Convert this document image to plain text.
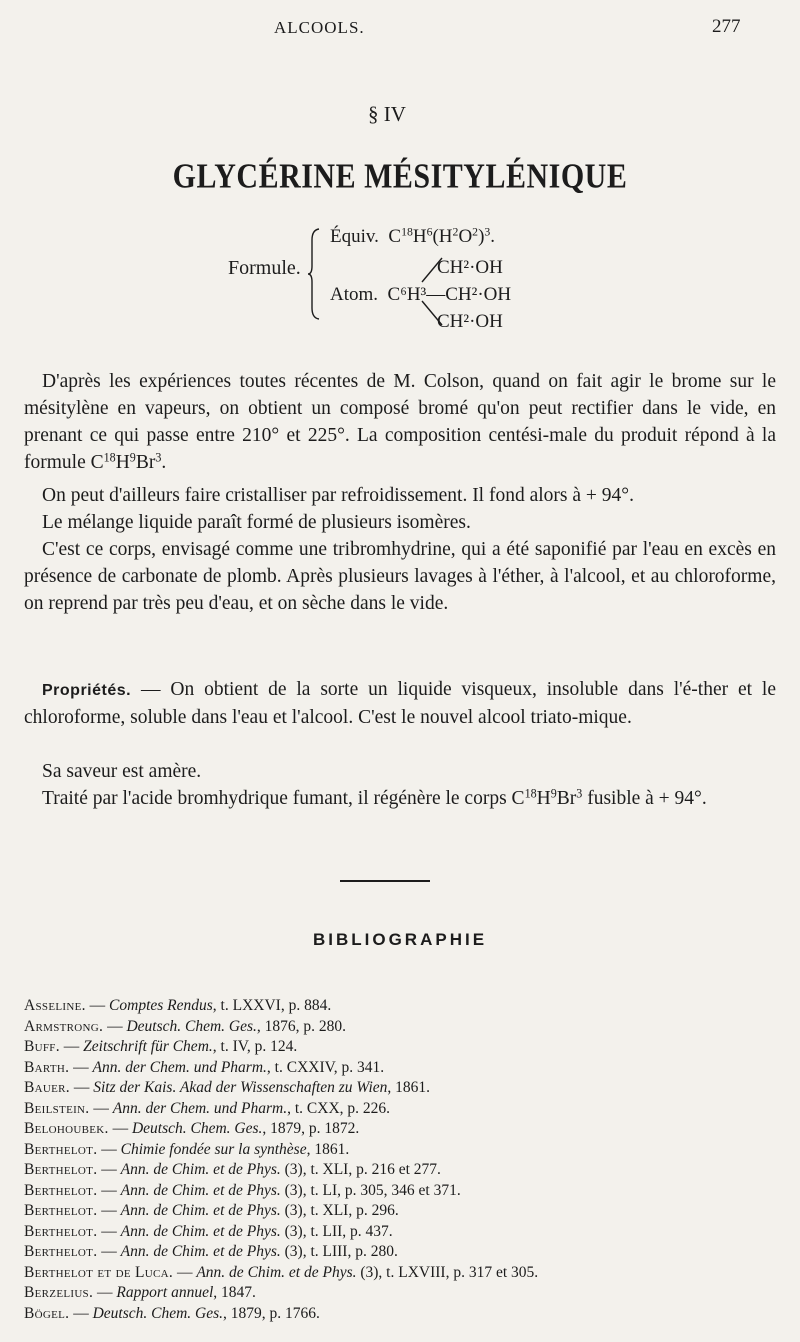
ALCOOLS.	277
§ IV
GLYCÉRINE MÉSITYLÉNIQUE
Formule.
Équiv. $C^{18}H^6(H^2O^2)^3$.
CH²·OH
Atom. C⁶H³—CH²·OH
CH²·OH
D'après les expériences toutes récentes de M. Colson, quand on fait agir le brome sur le mésitylène en vapeurs, on obtient un composé bromé qu'on peut rectifier dans le vide, en prenant ce qui passe entre 210° et 225°. La composition centési-male du produit répond à la formule $C^{18}H^9Br^3$.
On peut d'ailleurs faire cristalliser par refroidissement. Il fond alors à + 94°.
Le mélange liquide paraît formé de plusieurs isomères.
C'est ce corps, envisagé comme une tribromhydrine, qui a été saponifié par l'eau en excès en présence de carbonate de plomb. Après plusieurs lavages à l'éther, à l'alcool, et au chloroforme, on reprend par très peu d'eau, et on sèche dans le vide.
Propriétés. — On obtient de la sorte un liquide visqueux, insoluble dans l'é-ther et le chloroforme, soluble dans l'eau et l'alcool. C'est le nouvel alcool triato-mique.
Sa saveur est amère.
Traité par l'acide bromhydrique fumant, il régénère le corps $C^{18}H^9Br^3$ fusible à + 94°.
BIBLIOGRAPHIE

Asseline. — Comptes Rendus, t. LXXVI, p. 884.

Armstrong. — Deutsch. Chem. Ges., 1876, p. 280.

Buff. — Zeitschrift für Chem., t. IV, p. 124.

Barth. — Ann. der Chem. und Pharm., t. CXXIV, p. 341.

Bauer. — Sitz der Kais. Akad der Wissenschaften zu Wien, 1861.

Beilstein. — Ann. der Chem. und Pharm., t. CXX, p. 226.

Belohoubek. — Deutsch. Chem. Ges., 1879, p. 1872.

Berthelot. — Chimie fondée sur la synthèse, 1861.

Berthelot. — Ann. de Chim. et de Phys. (3), t. XLI, p. 216 et 277.

Berthelot. — Ann. de Chim. et de Phys. (3), t. LI, p. 305, 346 et 371.

Berthelot. — Ann. de Chim. et de Phys. (3), t. XLI, p. 296.

Berthelot. — Ann. de Chim. et de Phys. (3), t. LII, p. 437.

Berthelot. — Ann. de Chim. et de Phys. (3), t. LIII, p. 280.

Berthelot et de Luca. — Ann. de Chim. et de Phys. (3), t. LXVIII, p. 317 et 305.

Berzelius. — Rapport annuel, 1847.

Bögel. — Deutsch. Chem. Ges., 1879, p. 1766.
